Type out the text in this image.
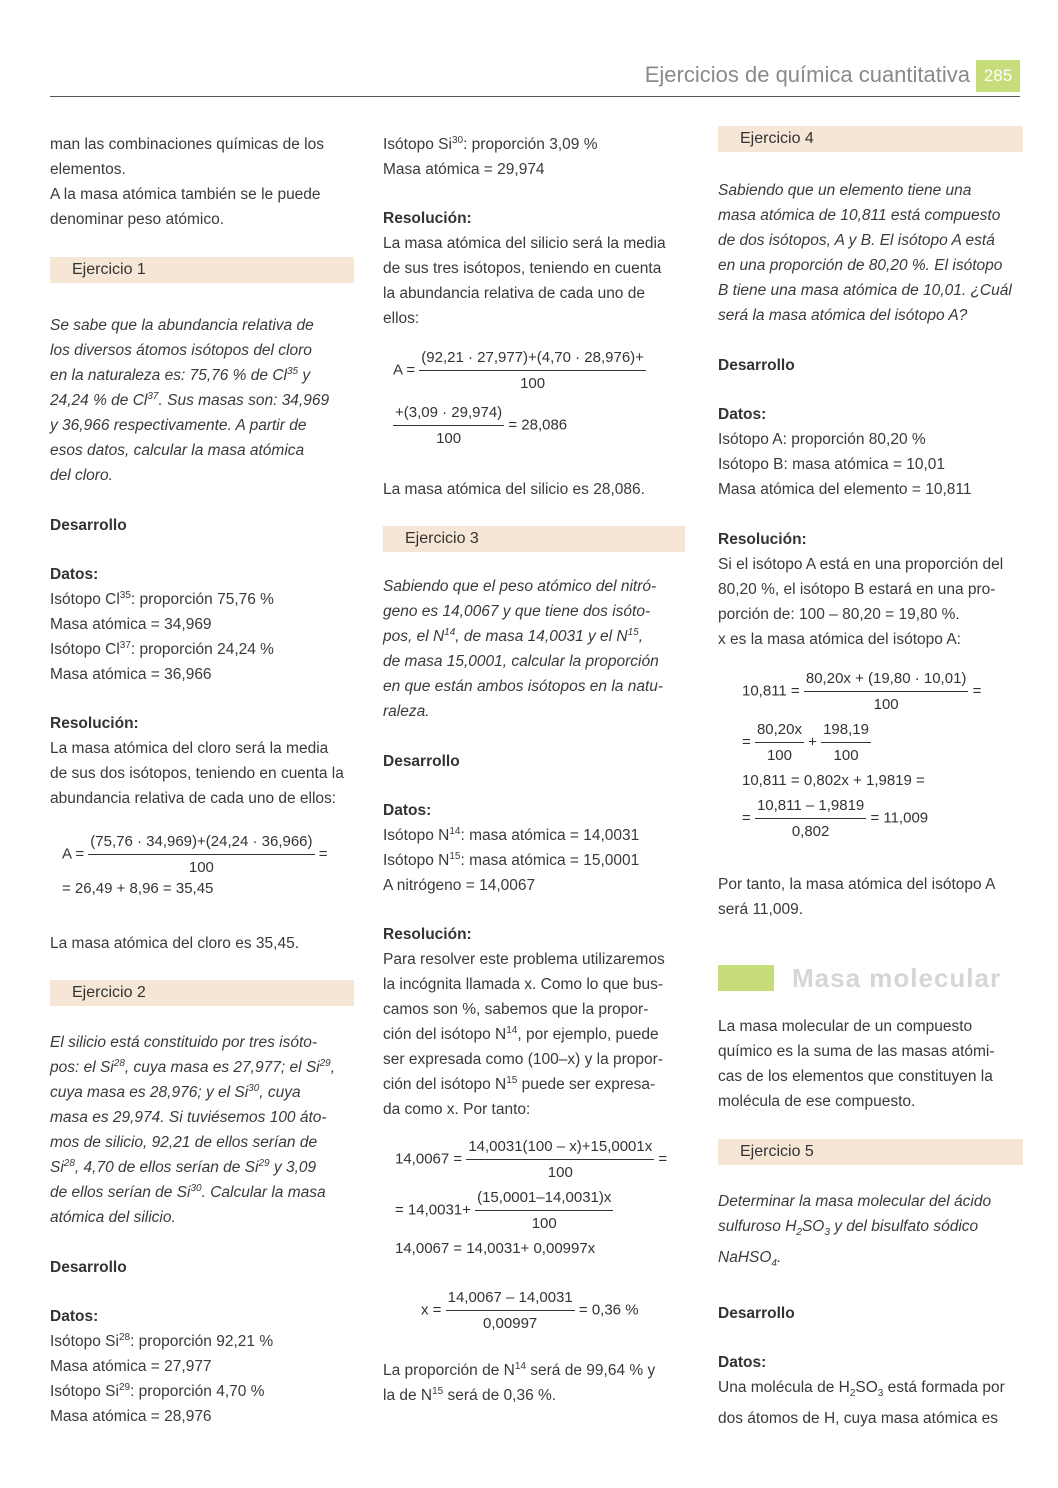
Ejercicios de química cuantitativa 285

man las combinaciones químicas de los

elementos.

A la masa atómica también se le puede

denominar peso atómico.

Ejercicio 1

Se sabe que la abundancia relativa de

los diversos átomos isótopos del cloro

en la naturaleza es: 75,76 % de Cl$^{35}$ y

24,24 % de Cl$^{37}$. Sus masas son: 34,969

y 36,966 respectivamente. A partir de

esos datos, calcular la masa atómica

del cloro.

Desarrollo

Datos:

Isótopo Cl$^{35}$: proporción 75,76 %

Masa atómica = 34,969

Isótopo Cl$^{37}$: proporción 24,24 %

Masa atómica = 36,966

Resolución:

La masa atómica del cloro será la media

de sus dos isótopos, teniendo en cuenta la

abundancia relativa de cada uno de ellos:

$A = \frac{(75,76 \cdot 34,969)+(24,24 \cdot 36,966)}{100}$ =
= 26,49 + 8,96 = 35,45

La masa atómica del cloro es 35,45.

Ejercicio 2

El silicio está constituido por tres isóto-

pos: el Si$^{28}$, cuya masa es 27,977; el Si$^{29}$,

cuya masa es 28,976; y el Si$^{30}$, cuya

masa es 29,974. Si tuviésemos 100 áto-

mos de silicio, 92,21 de ellos serían de

Si$^{28}$, 4,70 de ellos serían de Si$^{29}$ y 3,09

de ellos serían de Si$^{30}$. Calcular la masa

atómica del silicio.

Desarrollo

Datos:

Isótopo Si$^{28}$: proporción 92,21 %

Masa atómica = 27,977

Isótopo Si$^{29}$: proporción 4,70 %

Masa atómica = 28,976

Isótopo Si$^{30}$: proporción 3,09 %

Masa atómica = 29,974

Resolución:

La masa atómica del silicio será la media

de sus tres isótopos, teniendo en cuenta

la abundancia relativa de cada uno de

ellos:

$A = \frac{(92,21 \cdot 27,977)+(4,70 \cdot 28,976)+}{100}$
$\frac{+(3,09 \cdot 29,974)}{100} = 28,086$

La masa atómica del silicio es 28,086.

Ejercicio 3

Sabiendo que el peso atómico del nitró-

geno es 14,0067 y que tiene dos isóto-

pos, el $N^{14}$, de masa 14,0031 y el $N^{15}$,

de masa 15,0001, calcular la proporción

en que están ambos isótopos en la natu-

raleza.

Desarrollo

Datos:

Isótopo $N^{14}$: masa atómica = 14,0031

Isótopo $N^{15}$: masa atómica = 15,0001

A nitrógeno = 14,0067

Resolución:

Para resolver este problema utilizaremos

la incógnita llamada x. Como lo que bus-

camos son %, sabemos que la propor-

ción del isótopo $N^{14}$, por ejemplo, puede

ser expresada como (100–x) y la propor-

ción del isótopo $N^{15}$ puede ser expresa-

da como x. Por tanto:

$14,0067 = \frac{14,0031(100 - x)+15,0001x}{100}$ =
= $14,0031+ \frac{(15,0001-14,0031)x}{100}$
14,0067 = 14,0031+ 0,00997x
$x = \frac{14,0067 - 14,0031}{0,00997} = 0,36$ %

La proporción de $N^{14}$ será de 99,64 % y

la de $N^{15}$ será de 0,36 %.

Ejercicio 4

Sabiendo que un elemento tiene una

masa atómica de 10,811 está compuesto

de dos isótopos, A y B. El isótopo A está

en una proporción de 80,20 %. El isótopo

B tiene una masa atómica de 10,01. ¿Cuál

será la masa atómica del isótopo A?

Desarrollo

Datos:

Isótopo A: proporción 80,20 %

Isótopo B: masa atómica = 10,01

Masa atómica del elemento = 10,811

Resolución:

Si el isótopo A está en una proporción del

80,20 %, el isótopo B estará en una pro-

porción de: 100 – 80,20 = 19,80 %.

x es la masa atómica del isótopo A:

$10,811 = \frac{80,20x + (19,80 \cdot 10,01)}{100}$ =
= $\frac{80,20x}{100} + \frac{198,19}{100}$
10,811 = 0,802x + 1,9819 =
= $\frac{10,811 - 1,9819}{0,802} = 11,009$

Por tanto, la masa atómica del isótopo A

será 11,009.

Masa molecular

La masa molecular de un compuesto

químico es la suma de las masas atómi-

cas de los elementos que constituyen la

molécula de ese compuesto.

Ejercicio 5

Determinar la masa molecular del ácido

sulfuroso $H_2SO_3$ y del bisulfato sódico

NaHSO$_4$.

Desarrollo

Datos:

Una molécula de $H_2SO_3$ está formada por

dos átomos de H, cuya masa atómica es
